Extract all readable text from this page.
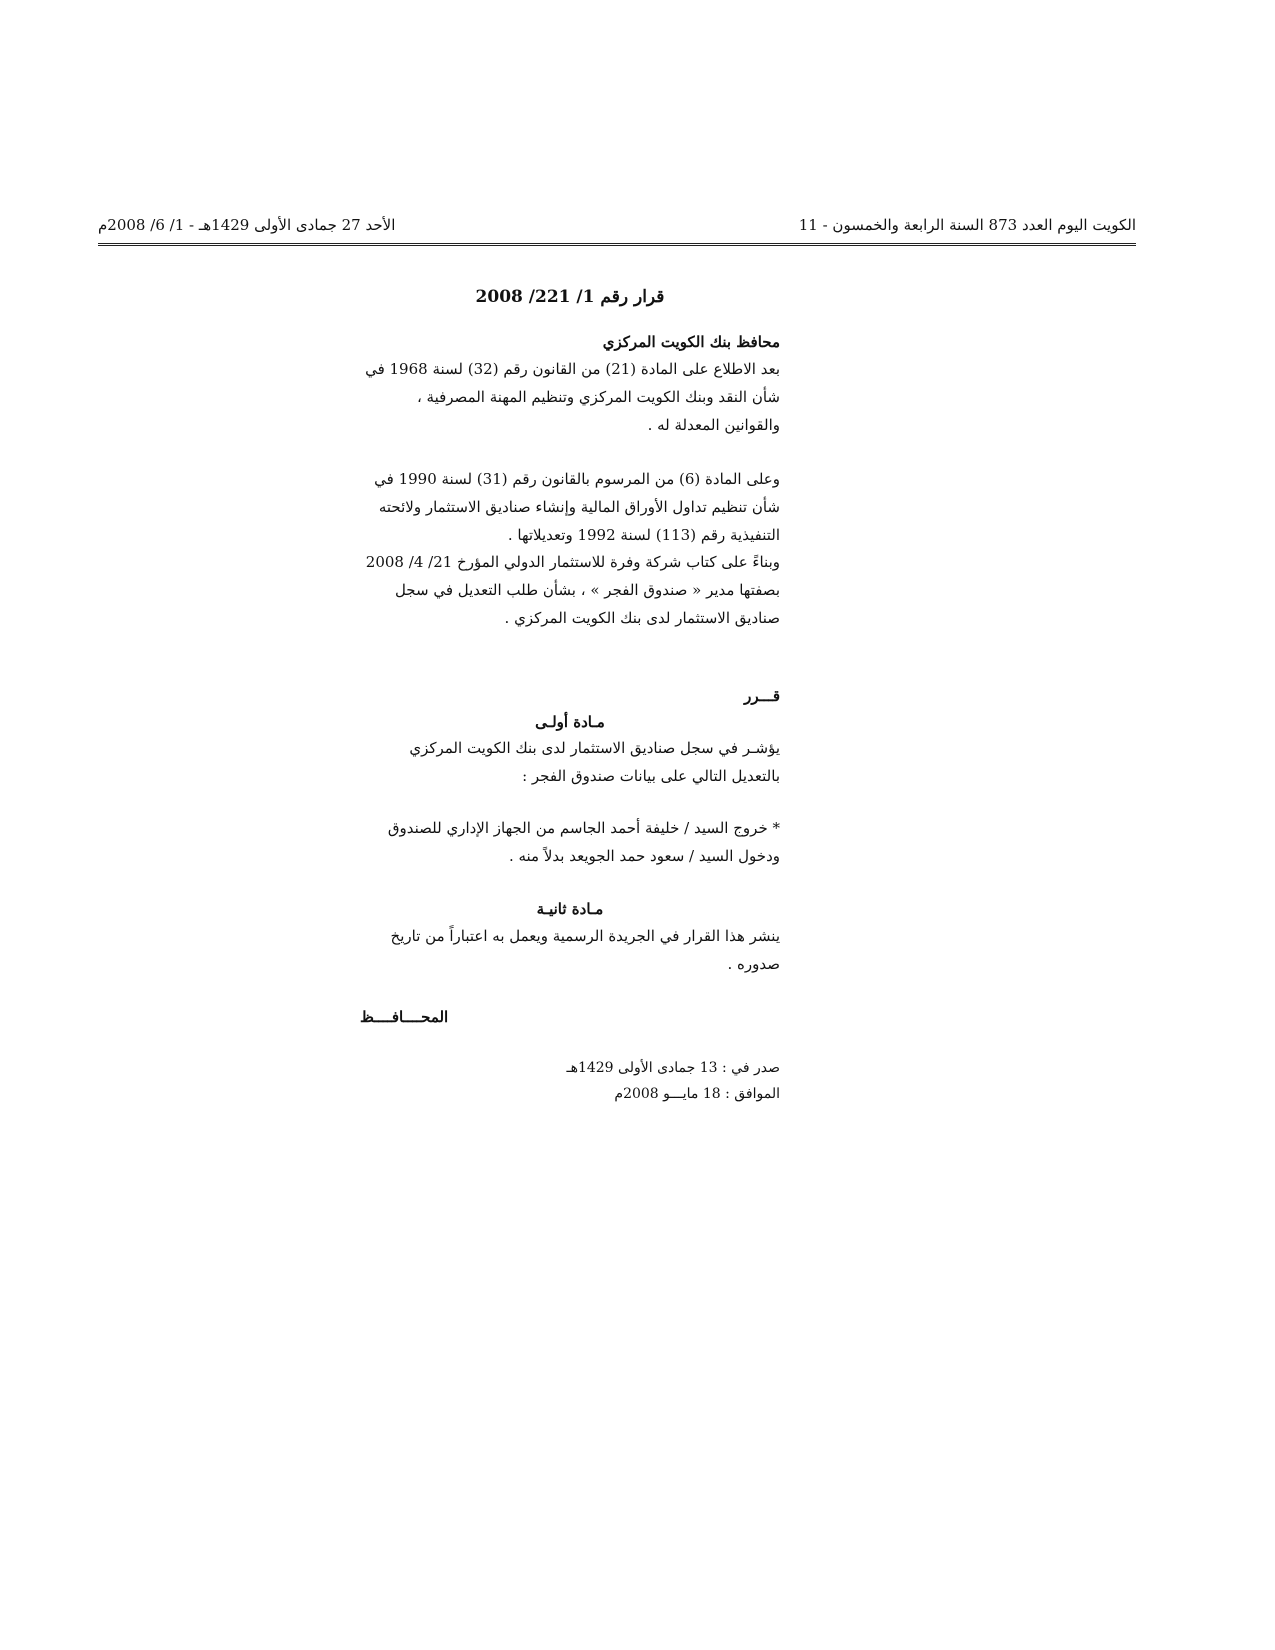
الكويت اليوم العدد 873 السنة الرابعة والخمسون - 11
الأحد 27 جمادى الأولى 1429هـ - 1/ 6/ 2008م
قرار رقم 1/ 221/ 2008

محافظ بنك الكويت المركزي

بعد الاطلاع على المادة (21) من القانون رقم (32) لسنة 1968 في شأن النقد وبنك الكويت المركزي وتنظيم المهنة المصرفية ، والقوانين المعدلة له .

وعلى المادة (6) من المرسوم بالقانون رقم (31) لسنة 1990 في شأن تنظيم تداول الأوراق المالية وإنشاء صناديق الاستثمار ولائحته التنفيذية رقم (113) لسنة 1992 وتعديلاتها .

وبناءً على كتاب شركة وفرة للاستثمار الدولي المؤرخ 21/ 4/ 2008 بصفتها مدير « صندوق الفجر » ، بشأن طلب التعديل في سجل صناديق الاستثمار لدى بنك الكويت المركزي .

قـــرر

مـادة أولـى

يؤشـر في سجل صناديق الاستثمار لدى بنك الكويت المركزي بالتعديل التالي على بيانات صندوق الفجر :

* خروج السيد / خليفة أحمد الجاسم من الجهاز الإداري للصندوق ودخول السيد / سعود حمد الجويعد بدلاً منه .

مـادة ثانيـة

ينشر هذا القرار في الجريدة الرسمية ويعمل به اعتباراً من تاريخ صدوره .

المحــــافــــظ

صدر في : 13 جمادى الأولى 1429هـ
الموافق : 18 مايـــو 2008م
